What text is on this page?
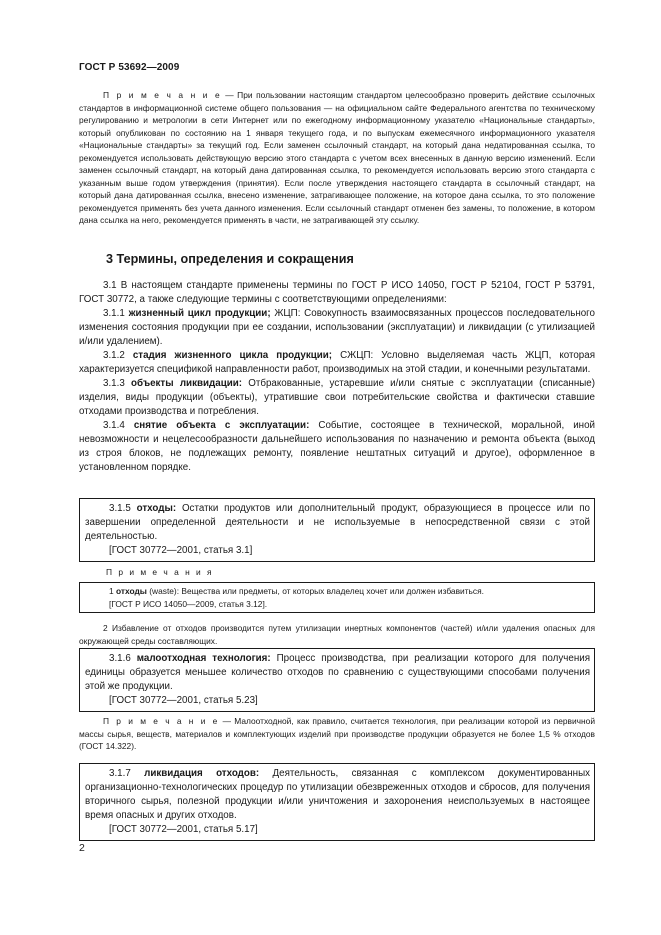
ГОСТ Р 53692—2009

П р и м е ч а н и е — При пользовании настоящим стандартом целесообразно проверить действие ссылочных стандартов в информационной системе общего пользования — на официальном сайте Федерального агентства по техническому регулированию и метрологии в сети Интернет или по ежегодному информационному указателю «Национальные стандарты», который опубликован по состоянию на 1 января текущего года, и по выпускам ежемесячного информационного указателя «Национальные стандарты» за текущий год. Если заменен ссылочный стандарт, на который дана недатированная ссылка, то рекомендуется использовать действующую версию этого стандарта с учетом всех внесенных в данную версию изменений. Если заменен ссылочный стандарт, на который дана датированная ссылка, то рекомендуется использовать версию этого стандарта с указанным выше годом утверждения (принятия). Если после утверждения настоящего стандарта в ссылочный стандарт, на который дана датированная ссылка, внесено изменение, затрагивающее положение, на которое дана ссылка, то это положение рекомендуется применять без учета данного изменения. Если ссылочный стандарт отменен без замены, то положение, в котором дана ссылка на него, рекомендуется применять в части, не затрагивающей эту ссылку.

3 Термины, определения и сокращения

3.1 В настоящем стандарте применены термины по ГОСТ Р ИСО 14050, ГОСТ Р 52104, ГОСТ Р 53791, ГОСТ 30772, а также следующие термины с соответствующими определениями:

3.1.1 жизненный цикл продукции; ЖЦП: Совокупность взаимосвязанных процессов последовательного изменения состояния продукции при ее создании, использовании (эксплуатации) и ликвидации (с утилизацией и/или удалением).

3.1.2 стадия жизненного цикла продукции; СЖЦП: Условно выделяемая часть ЖЦП, которая характеризуется спецификой направленности работ, производимых на этой стадии, и конечными результатами.

3.1.3 объекты ликвидации: Отбракованные, устаревшие и/или снятые с эксплуатации (списанные) изделия, виды продукции (объекты), утратившие свои потребительские свойства и фактически ставшие отходами производства и потребления.

3.1.4 снятие объекта с эксплуатации: Событие, состоящее в технической, моральной, иной невозможности и нецелесообразности дальнейшего использования по назначению и ремонта объекта (выход из строя блоков, не подлежащих ремонту, появление нештатных ситуаций и другое), оформленное в установленном порядке.

3.1.5 отходы: Остатки продуктов или дополнительный продукт, образующиеся в процессе или по завершении определенной деятельности и не используемые в непосредственной связи с этой деятельностью.

[ГОСТ 30772—2001, статья 3.1]

П р и м е ч а н и я

1 отходы (waste): Вещества или предметы, от которых владелец хочет или должен избавиться.

[ГОСТ Р ИСО 14050—2009, статья 3.12].

2 Избавление от отходов производится путем утилизации инертных компонентов (частей) и/или удаления опасных для окружающей среды составляющих.

3.1.6 малоотходная технология: Процесс производства, при реализации которого для получения единицы образуется меньшее количество отходов по сравнению с существующими способами получения этой же продукции.

[ГОСТ 30772—2001, статья 5.23]

П р и м е ч а н и е — Малоотходной, как правило, считается технология, при реализации которой из первичной массы сырья, веществ, материалов и комплектующих изделий при производстве продукции образуется не более 1,5 % отходов (ГОСТ 14.322).

3.1.7 ликвидация отходов: Деятельность, связанная с комплексом документированных организационно-технологических процедур по утилизации обезвреженных отходов и сбросов, для получения вторичного сырья, полезной продукции и/или уничтожения и захоронения неиспользуемых в настоящее время опасных и других отходов.

[ГОСТ 30772—2001, статья 5.17]

2
